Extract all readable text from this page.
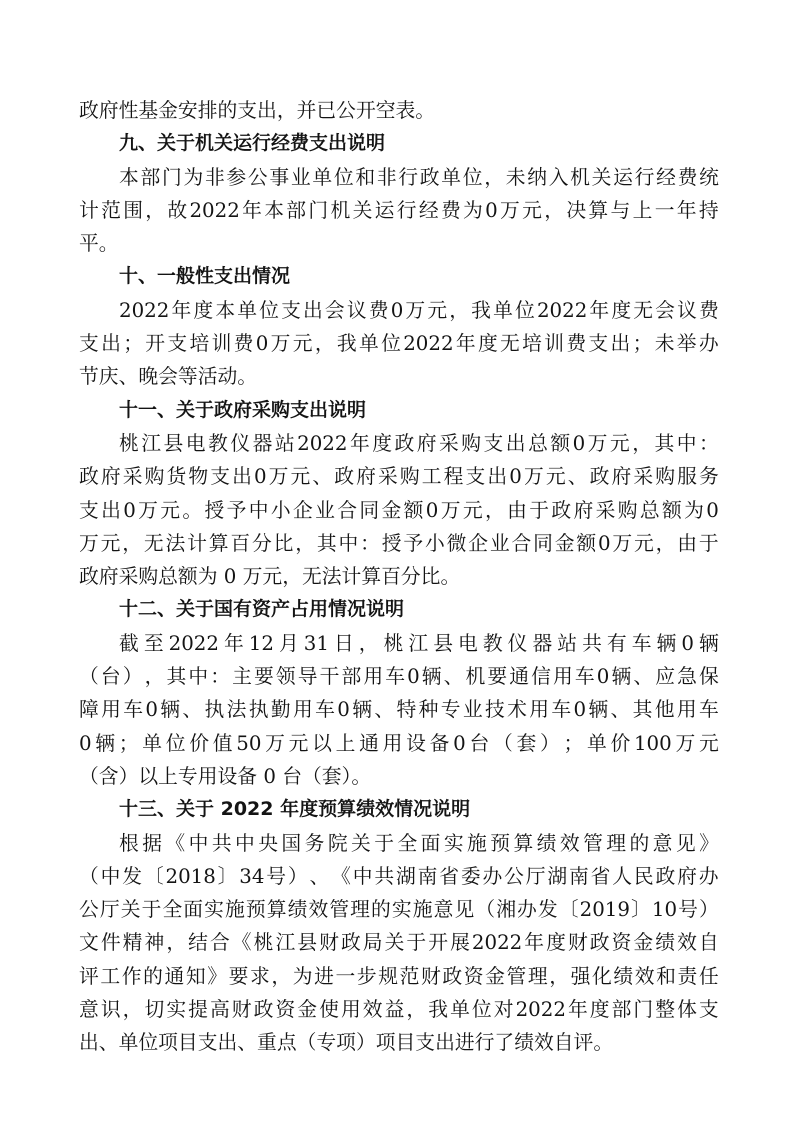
政府性基金安排的支出，并已公开空表。
九、关于机关运行经费支出说明
本 部 门 为 非 参 公 事 业 单 位 和 非 行 政 单 位 ， 未 纳 入 机 关 运 行 经 费 统
计 范 围 ， 故 2022 年 本 部 门 机 关 运 行 经 费 为 0 万 元 ， 决 算 与 上 一 年 持
平。
十、一般性支出情况
2022 年 度 本 单 位 支 出 会 议 费 0 万 元 ， 我 单 位 2022 年 度 无 会 议 费
支 出 ； 开 支 培 训 费 0 万 元 ， 我 单 位 2022 年 度 无 培 训 费 支 出 ； 未 举 办
节庆、晚会等活动。
十一、关于政府采购支出说明
桃 江 县 电 教 仪 器 站 2022 年 度 政 府 采 购 支 出 总 额 0 万 元 ， 其 中 ：
政 府 采 购 货 物 支 出 0 万 元 、 政 府 采 购 工 程 支 出 0 万 元 、 政 府 采 购 服 务
支 出 0 万 元 。 授 予 中 小 企 业 合 同 金 额 0 万 元 ， 由 于 政 府 采 购 总 额 为 0
万 元 ， 无 法 计 算 百 分 比 ， 其 中 ： 授 予 小 微 企 业 合 同 金 额 0 万 元 ， 由 于
政府采购总额为 0 万元，无法计算百分比。
十二、关于国有资产占用情况说明
截 至 2022 年 12 月 31 日 ， 桃 江 县 电 教 仪 器 站 共 有 车 辆 0 辆
（ 台 ） ， 其 中 ： 主 要 领 导 干 部 用 车 0 辆 、 机 要 通 信 用 车 0 辆 、 应 急 保
障 用 车 0 辆 、 执 法 执 勤 用 车 0 辆 、 特 种 专 业 技 术 用 车 0 辆 、 其 他 用 车
0 辆 ； 单 位 价 值 50 万 元 以 上 通 用 设 备 0 台 （ 套 ） ； 单 价 100 万 元
（含）以上专用设备 0 台（套）。
十三、关于 2022 年度预算绩效情况说明
根 据 《 中 共 中 央 国 务 院 关 于 全 面 实 施 预 算 绩 效 管 理 的 意 见 》
（ 中 发 〔 2018 〕 34 号 ） 、 《 中 共 湖 南 省 委 办 公 厅 湖 南 省 人 民 政 府 办
公 厅 关 于 全 面 实 施 预 算 绩 效 管 理 的 实 施 意 见 （ 湘 办 发 〔 2019 〕 10 号 ）
文 件 精 神 ， 结 合 《 桃 江 县 财 政 局 关 于 开 展 2022 年 度 财 政 资 金 绩 效 自
评 工 作 的 通 知 》 要 求 ， 为 进 一 步 规 范 财 政 资 金 管 理 ， 强 化 绩 效 和 责 任
意 识 ， 切 实 提 高 财 政 资 金 使 用 效 益 ， 我 单 位 对 2022 年 度 部 门 整 体 支
出、单位项目支出、重点（专项）项目支出进行了绩效自评。
